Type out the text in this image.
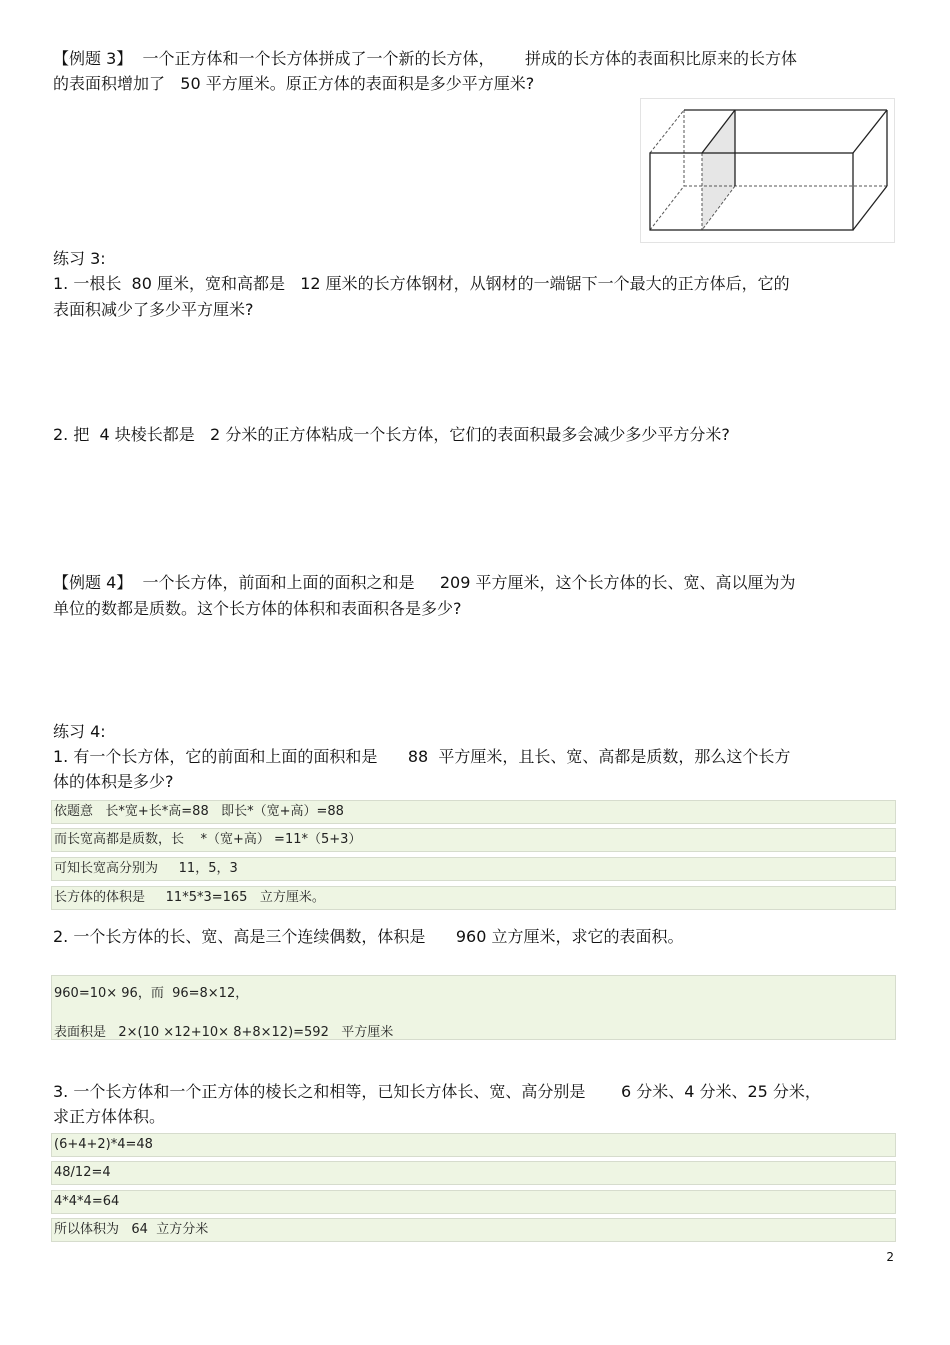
【例题 3】  一个正方体和一个长方体拼成了一个新的长方体，      拼成的长方体的表面积比原来的长方体
的表面积增加了   50 平方厘米。原正方体的表面积是多少平方厘米?
练习 3:
1. 一根长  80 厘米，宽和高都是   12 厘米的长方体钢材，从钢材的一端锯下一个最大的正方体后，它的
表面积减少了多少平方厘米?
2. 把  4 块棱长都是   2 分米的正方体粘成一个长方体，它们的表面积最多会减少多少平方分米?
【例题 4】  一个长方体，前面和上面的面积之和是     209 平方厘米，这个长方体的长、宽、高以厘为为
单位的数都是质数。这个长方体的体积和表面积各是多少?
练习 4:
1. 有一个长方体，它的前面和上面的面积和是      88  平方厘米，且长、宽、高都是质数，那么这个长方
体的体积是多少?
依题意   长*宽+长*高=88   即长*（宽+高）=88
而长宽高都是质数，长    *（宽+高） =11*（5+3）
可知长宽高分别为     11，5，3
长方体的体积是     11*5*3=165   立方厘米。
2. 一个长方体的长、宽、高是三个连续偶数，体积是      960 立方厘米，求它的表面积。

960=10× 96，而  96=8×12，

表面积是   2×(10 ×12+10× 8+8×12)=592   平方厘米

3. 一个长方体和一个正方体的棱长之和相等，已知长方体长、宽、高分别是       6 分米、4 分米、25 分米，
求正方体体积。
(6+4+2)*4=48
48/12=4
4*4*4=64
所以体积为   64  立方分米
2
